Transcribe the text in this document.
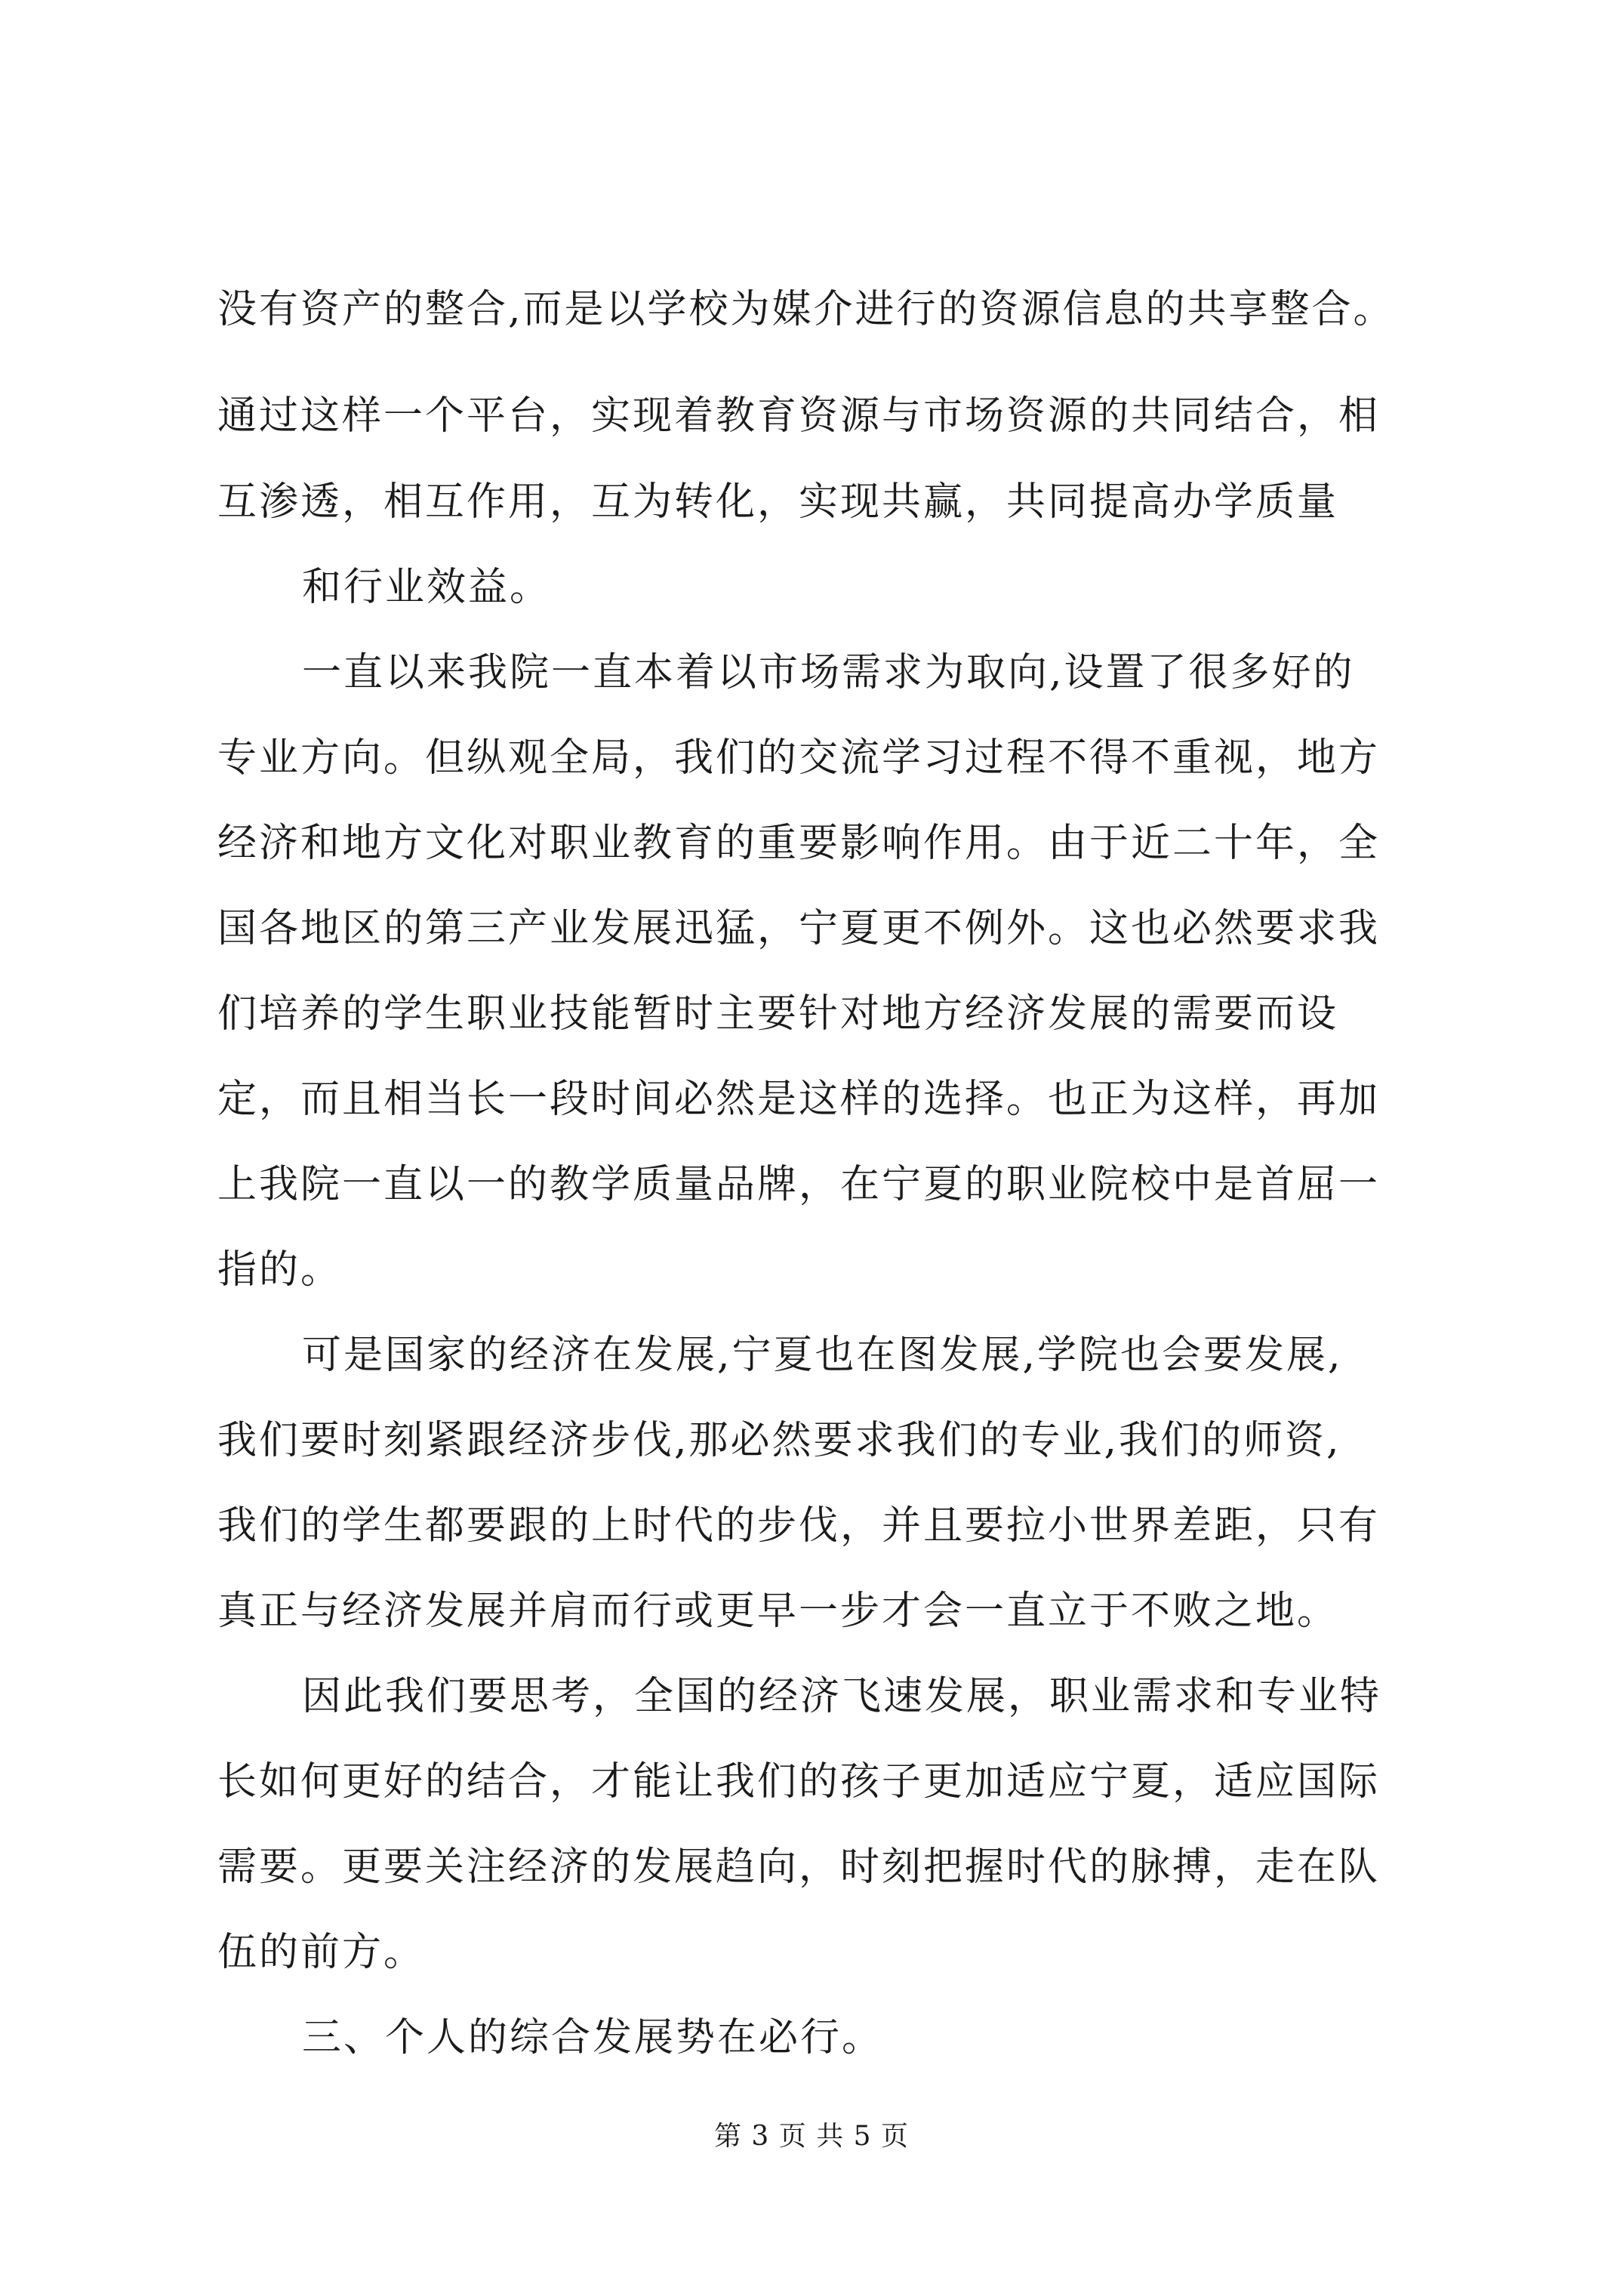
没有资产的整合,而是以学校为媒介进行的资源信息的共享整合。
通过这样一个平台，实现着教育资源与市场资源的共同结合，相
互渗透，相互作用，互为转化，实现共赢，共同提高办学质量
和行业效益。
一直以来我院一直本着以市场需求为取向,设置了很多好的
专业方向。但纵观全局，我们的交流学习过程不得不重视，地方
经济和地方文化对职业教育的重要影响作用。由于近二十年，全
国各地区的第三产业发展迅猛，宁夏更不例外。这也必然要求我
们培养的学生职业技能暂时主要针对地方经济发展的需要而设
定，而且相当长一段时间必然是这样的选择。也正为这样，再加
上我院一直以一的教学质量品牌，在宁夏的职业院校中是首屈一
指的。
可是国家的经济在发展,宁夏也在图发展,学院也会要发展,
我们要时刻紧跟经济步伐,那必然要求我们的专业,我们的师资,
我们的学生都要跟的上时代的步伐，并且要拉小世界差距，只有
真正与经济发展并肩而行或更早一步才会一直立于不败之地。
因此我们要思考，全国的经济飞速发展，职业需求和专业特
长如何更好的结合，才能让我们的孩子更加适应宁夏，适应国际
需要。更要关注经济的发展趋向，时刻把握时代的脉搏，走在队
伍的前方。
三、个人的综合发展势在必行。
第 3 页 共 5 页
